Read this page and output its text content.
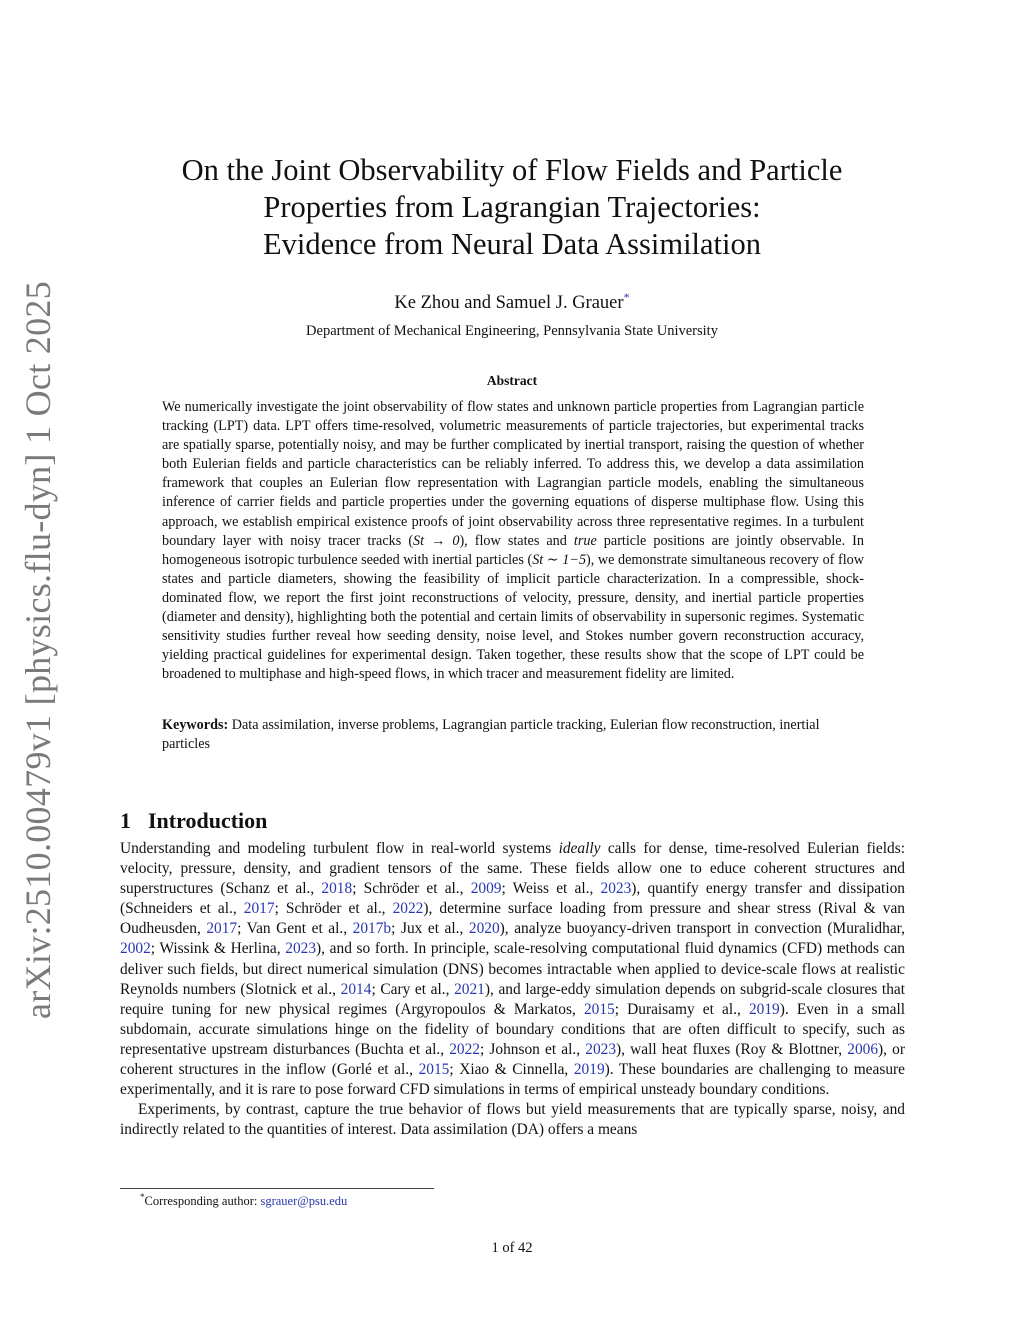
arXiv:2510.00479v1 [physics.flu-dyn] 1 Oct 2025
On the Joint Observability of Flow Fields and Particle
Properties from Lagrangian Trajectories:
Evidence from Neural Data Assimilation
Ke Zhou and Samuel J. Grauer*
Department of Mechanical Engineering, Pennsylvania State University
Abstract
We numerically investigate the joint observability of flow states and unknown particle properties from Lagrangian particle tracking (LPT) data. LPT offers time-resolved, volumetric measurements of particle trajectories, but experimental tracks are spatially sparse, potentially noisy, and may be further complicated by inertial transport, raising the question of whether both Eulerian fields and particle characteristics can be reliably inferred. To address this, we develop a data assimilation framework that couples an Eulerian flow representation with Lagrangian particle models, enabling the simultaneous inference of carrier fields and particle properties under the governing equations of disperse multiphase flow. Using this approach, we establish empirical existence proofs of joint observability across three representative regimes. In a turbulent boundary layer with noisy tracer tracks (St → 0), flow states and true particle positions are jointly observable. In homogeneous isotropic turbulence seeded with inertial particles (St ∼ 1−5), we demonstrate simultaneous recovery of flow states and particle diameters, showing the feasibility of implicit particle characterization. In a compressible, shock-dominated flow, we report the first joint reconstructions of velocity, pressure, density, and inertial particle properties (diameter and density), highlighting both the potential and certain limits of observability in supersonic regimes. Systematic sensitivity studies further reveal how seeding density, noise level, and Stokes number govern reconstruction accuracy, yielding practical guidelines for experimental design. Taken together, these results show that the scope of LPT could be broadened to multiphase and high-speed flows, in which tracer and measurement fidelity are limited.
Keywords: Data assimilation, inverse problems, Lagrangian particle tracking, Eulerian flow reconstruction, inertial particles
1 Introduction

Understanding and modeling turbulent flow in real-world systems ideally calls for dense, time-resolved Eulerian fields: velocity, pressure, density, and gradient tensors of the same. These fields allow one to educe coherent structures and superstructures (Schanz et al., 2018; Schröder et al., 2009; Weiss et al., 2023), quantify energy transfer and dissipation (Schneiders et al., 2017; Schröder et al., 2022), determine surface loading from pressure and shear stress (Rival & van Oudheusden, 2017; Van Gent et al., 2017b; Jux et al., 2020), analyze buoyancy-driven transport in convection (Muralidhar, 2002; Wissink & Herlina, 2023), and so forth. In principle, scale-resolving computational fluid dynamics (CFD) methods can deliver such fields, but direct numerical simulation (DNS) becomes intractable when applied to device-scale flows at realistic Reynolds numbers (Slotnick et al., 2014; Cary et al., 2021), and large-eddy simulation depends on subgrid-scale closures that require tuning for new physical regimes (Argyropoulos & Markatos, 2015; Duraisamy et al., 2019). Even in a small subdomain, accurate simulations hinge on the fidelity of boundary conditions that are often difficult to specify, such as representative upstream disturbances (Buchta et al., 2022; Johnson et al., 2023), wall heat fluxes (Roy & Blottner, 2006), or coherent structures in the inflow (Gorlé et al., 2015; Xiao & Cinnella, 2019). These boundaries are challenging to measure experimentally, and it is rare to pose forward CFD simulations in terms of empirical unsteady boundary conditions.

Experiments, by contrast, capture the true behavior of flows but yield measurements that are typically sparse, noisy, and indirectly related to the quantities of interest. Data assimilation (DA) offers a means

*Corresponding author: sgrauer@psu.edu
1 of 42
